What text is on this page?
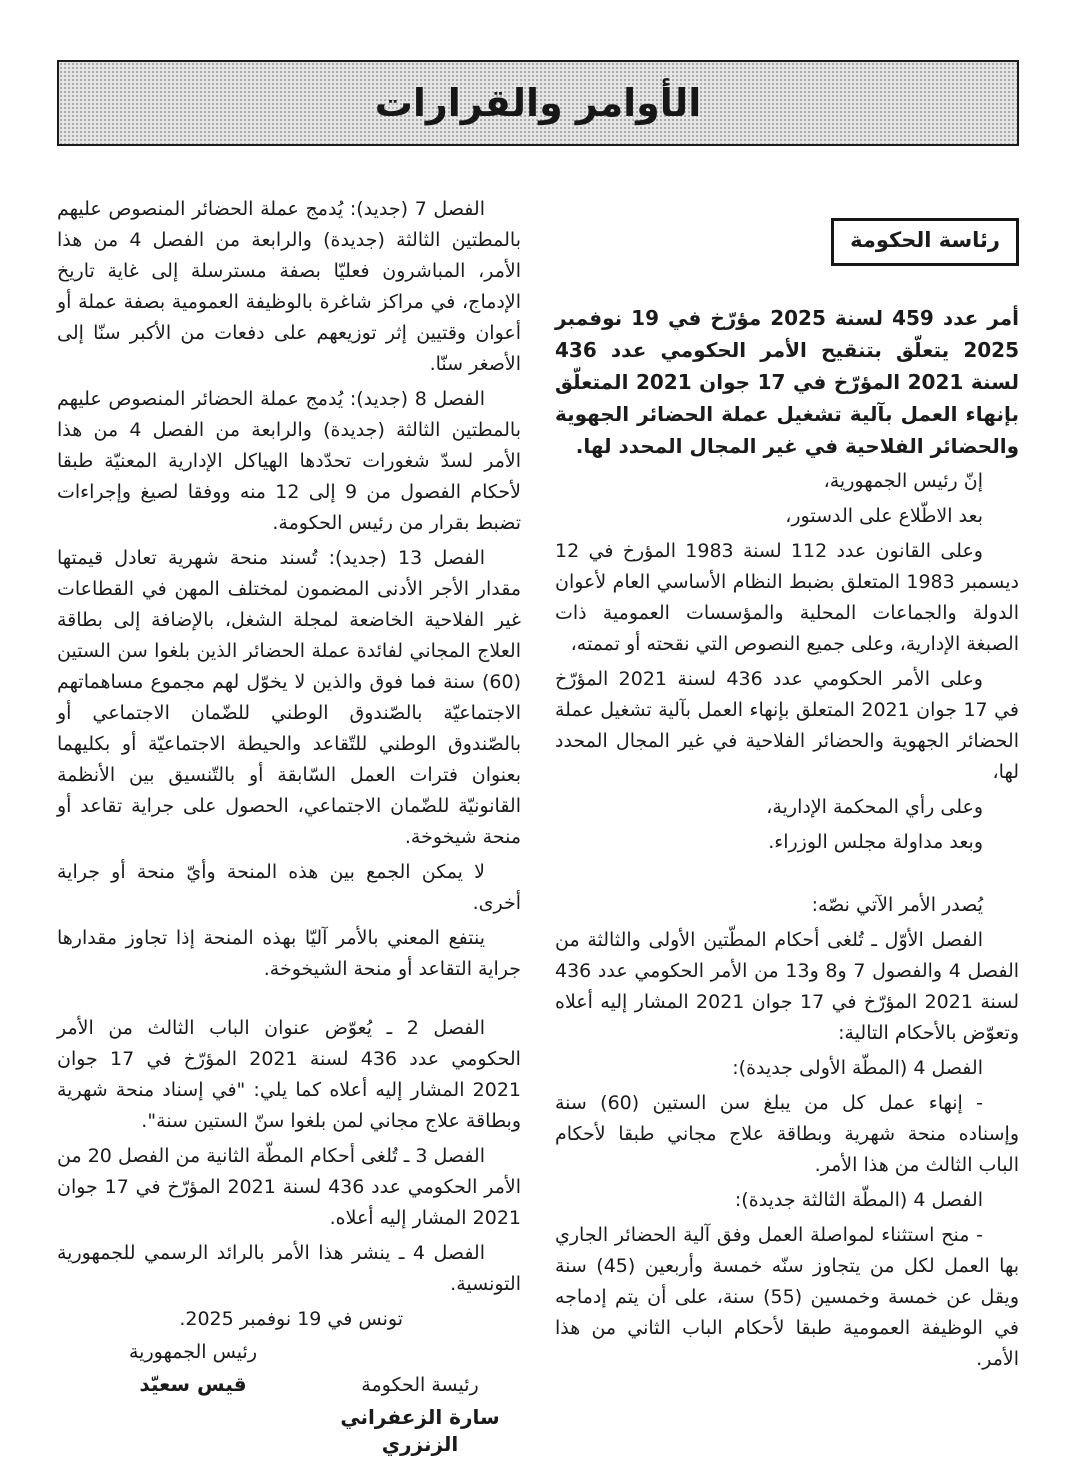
الأوامر والقرارات
رئاسة الحكومة

أمر عدد 459 لسنة 2025 مؤرّخ في 19 نوفمبر 2025 يتعلّق بتنقيح الأمر الحكومي عدد 436 لسنة 2021 المؤرّخ في 17 جوان 2021 المتعلّق بإنهاء العمل بآلية تشغيل عملة الحضائر الجهوية والحضائر الفلاحية في غير المجال المحدد لها.

إنّ رئيس الجمهورية،

بعد الاطّلاع على الدستور،

وعلى القانون عدد 112 لسنة 1983 المؤرخ في 12 ديسمبر 1983 المتعلق بضبط النظام الأساسي العام لأعوان الدولة والجماعات المحلية والمؤسسات العمومية ذات الصبغة الإدارية، وعلى جميع النصوص التي نقحته أو تممته،

وعلى الأمر الحكومي عدد 436 لسنة 2021 المؤرّخ في 17 جوان 2021 المتعلق بإنهاء العمل بآلية تشغيل عملة الحضائر الجهوية والحضائر الفلاحية في غير المجال المحدد لها،

وعلى رأي المحكمة الإدارية،

وبعد مداولة مجلس الوزراء.

يُصدر الأمر الآتي نصّه:

الفصل الأوّل ـ تُلغى أحكام المطّتين الأولى والثالثة من الفصل 4 والفصول 7 و8 و13 من الأمر الحكومي عدد 436 لسنة 2021 المؤرّخ في 17 جوان 2021 المشار إليه أعلاه وتعوّض بالأحكام التالية:

الفصل 4 (المطّة الأولى جديدة):

- إنهاء عمل كل من يبلغ سن الستين (60) سنة وإسناده منحة شهرية وبطاقة علاج مجاني طبقا لأحكام الباب الثالث من هذا الأمر.

الفصل 4 (المطّة الثالثة جديدة):

- منح استثناء لمواصلة العمل وفق آلية الحضائر الجاري بها العمل لكل من يتجاوز سنّه خمسة وأربعين (45) سنة ويقل عن خمسة وخمسين (55) سنة، على أن يتم إدماجه في الوظيفة العمومية طبقا لأحكام الباب الثاني من هذا الأمر.

الفصل 7 (جديد): يُدمج عملة الحضائر المنصوص عليهم بالمطتين الثالثة (جديدة) والرابعة من الفصل 4 من هذا الأمر، المباشرون فعليّا بصفة مسترسلة إلى غاية تاريخ الإدماج، في مراكز شاغرة بالوظيفة العمومية بصفة عملة أو أعوان وقتيين إثر توزيعهم على دفعات من الأكبر سنّا إلى الأصغر سنّا.

الفصل 8 (جديد): يُدمج عملة الحضائر المنصوص عليهم بالمطتين الثالثة (جديدة) والرابعة من الفصل 4 من هذا الأمر لسدّ شغورات تحدّدها الهياكل الإدارية المعنيّة طبقا لأحكام الفصول من 9 إلى 12 منه ووفقا لصيغ وإجراءات تضبط بقرار من رئيس الحكومة.

الفصل 13 (جديد): تُسند منحة شهرية تعادل قيمتها مقدار الأجر الأدنى المضمون لمختلف المهن في القطاعات غير الفلاحية الخاضعة لمجلة الشغل، بالإضافة إلى بطاقة العلاج المجاني لفائدة عملة الحضائر الذين بلغوا سن الستين (60) سنة فما فوق والذين لا يخوّل لهم مجموع مساهماتهم الاجتماعيّة بالصّندوق الوطني للضّمان الاجتماعي أو بالصّندوق الوطني للتّقاعد والحيطة الاجتماعيّة أو بكليهما بعنوان فترات العمل السّابقة أو بالتّنسيق بين الأنظمة القانونيّة للضّمان الاجتماعي، الحصول على جراية تقاعد أو منحة شيخوخة.

لا يمكن الجمع بين هذه المنحة وأيّ منحة أو جراية أخرى.

ينتفع المعني بالأمر آليّا بهذه المنحة إذا تجاوز مقدارها جراية التقاعد أو منحة الشيخوخة.

الفصل 2 ـ يُعوّض عنوان الباب الثالث من الأمر الحكومي عدد 436 لسنة 2021 المؤرّخ في 17 جوان 2021 المشار إليه أعلاه كما يلي: "في إسناد منحة شهرية وبطاقة علاج مجاني لمن بلغوا سنّ الستين سنة".

الفصل 3 ـ تُلغى أحكام المطّة الثانية من الفصل 20 من الأمر الحكومي عدد 436 لسنة 2021 المؤرّخ في 17 جوان 2021 المشار إليه أعلاه.

الفصل 4 ـ ينشر هذا الأمر بالرائد الرسمي للجمهورية التونسية.

تونس في 19 نوفمبر 2025.

رئيس الجمهورية
قيس سعيّد	رئيسة الحكومة
سارة الزعفراني الزنزري
